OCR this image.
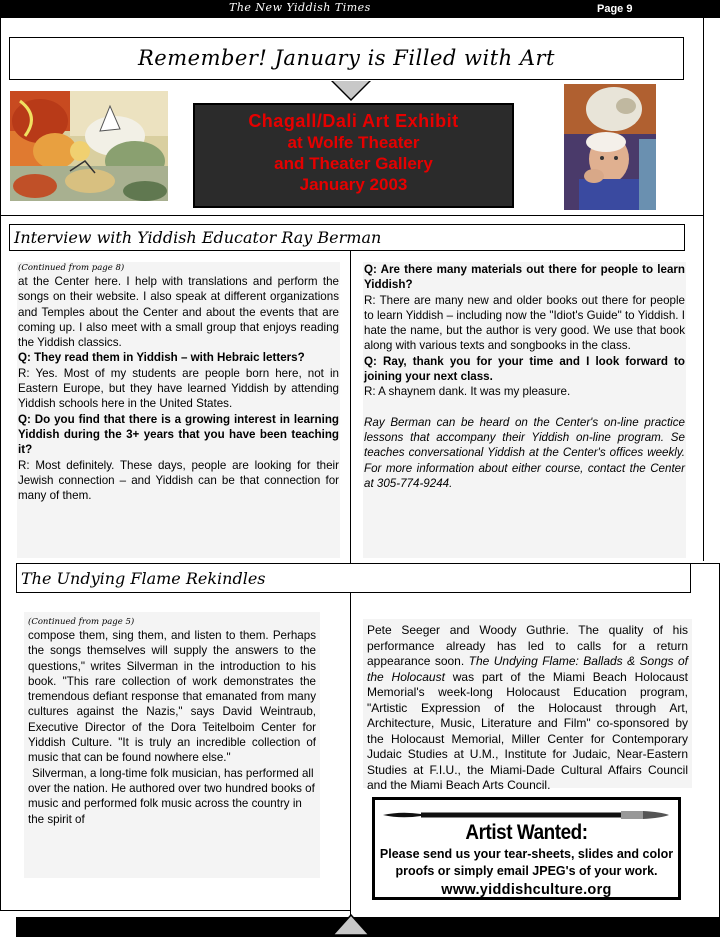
The New Yiddish Times	Page 9
Remember! January is Filled with Art
Chagall/Dali Art Exhibit
at Wolfe Theater
and Theater Gallery
January 2003
Interview with Yiddish Educator Ray Berman

(Continued from page 8)

at the Center here. I help with translations and perform the songs on their website. I also speak at different organizations and Temples about the Center and about the events that are coming up. I also meet with a small group that enjoys reading the Yiddish classics.

Q: They read them in Yiddish – with Hebraic letters?

R: Yes. Most of my students are people born here, not in Eastern Europe, but they have learned Yiddish by attending Yiddish schools here in the United States.

Q: Do you find that there is a growing interest in learning Yiddish during the 3+ years that you have been teaching it?

R: Most definitely. These days, people are looking for their Jewish connection – and Yiddish can be that connection for many of them.

Q: Are there many materials out there for people to learn Yiddish?

R: There are many new and older books out there for people to learn Yiddish – including now the "Idiot's Guide" to Yiddish. I hate the name, but the author is very good. We use that book along with various texts and songbooks in the class.

Q: Ray, thank you for your time and I look forward to joining your next class.

R: A shaynem dank. It was my pleasure.

Ray Berman can be heard on the Center's on-line practice lessons that accompany their Yiddish on-line program. Se teaches conversational Yiddish at the Center's offices weekly. For more information about either course, contact the Center at 305-774-9244.

The Undying Flame Rekindles

(Continued from page 5)

compose them, sing them, and listen to them. Perhaps the songs themselves will supply the answers to the questions," writes Silverman in the introduction to his book. "This rare collection of work demonstrates the tremendous defiant response that emanated from many cultures against the Nazis," says David Weintraub, Executive Director of the Dora Teitelboim Center for Yiddish Culture. "It is truly an incredible collection of music that can be found nowhere else."

Silverman, a long-time folk musician, has performed all over the nation. He authored over two hundred books of music and performed folk music across the country in the spirit of

Pete Seeger and Woody Guthrie. The quality of his performance already has led to calls for a return appearance soon. The Undying Flame: Ballads & Songs of the Holocaust was part of the Miami Beach Holocaust Memorial's week-long Holocaust Education program, "Artistic Expression of the Holocaust through Art, Architecture, Music, Literature and Film" co-sponsored by the Holocaust Memorial, Miller Center for Contemporary Judaic Studies at U.M., Institute for Judaic, Near-Eastern Studies at F.I.U., the Miami-Dade Cultural Affairs Council and the Miami Beach Arts Council.

Artist Wanted:
Please send us your tear-sheets, slides and color
proofs or simply email JPEG's of your work.
www.yiddishculture.org
